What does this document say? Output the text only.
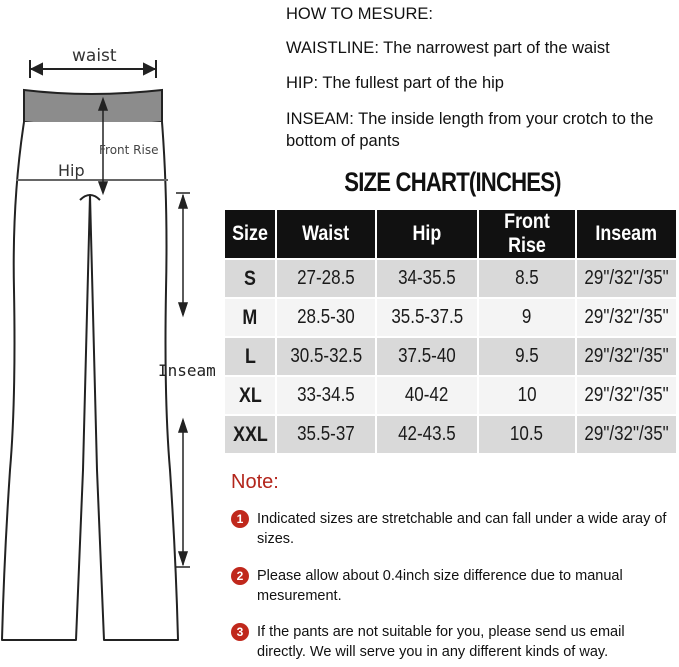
waist
Hip
Front Rise
Inseam
HOW TO MESURE:
WAISTLINE: The narrowest part of the waist
HIP: The fullest part of the hip
INSEAM: The inside length from your crotch to the bottom of pants
SIZE CHART(INCHES)
Size	Waist	Hip	Front Rise	Inseam
S	27-28.5	34-35.5	8.5	29"/32"/35"
M	28.5-30	35.5-37.5	9	29"/32"/35"
L	30.5-32.5	37.5-40	9.5	29"/32"/35"
XL	33-34.5	40-42	10	29"/32"/35"
XXL	35.5-37	42-43.5	10.5	29"/32"/35"
Note:
1 Indicated sizes are stretchable and can fall under a wide aray of sizes.
2 Please allow about 0.4inch size difference due to manual mesurement.
3 If the pants are not suitable for you, please send us email directly. We will serve you in any different kinds of way.
